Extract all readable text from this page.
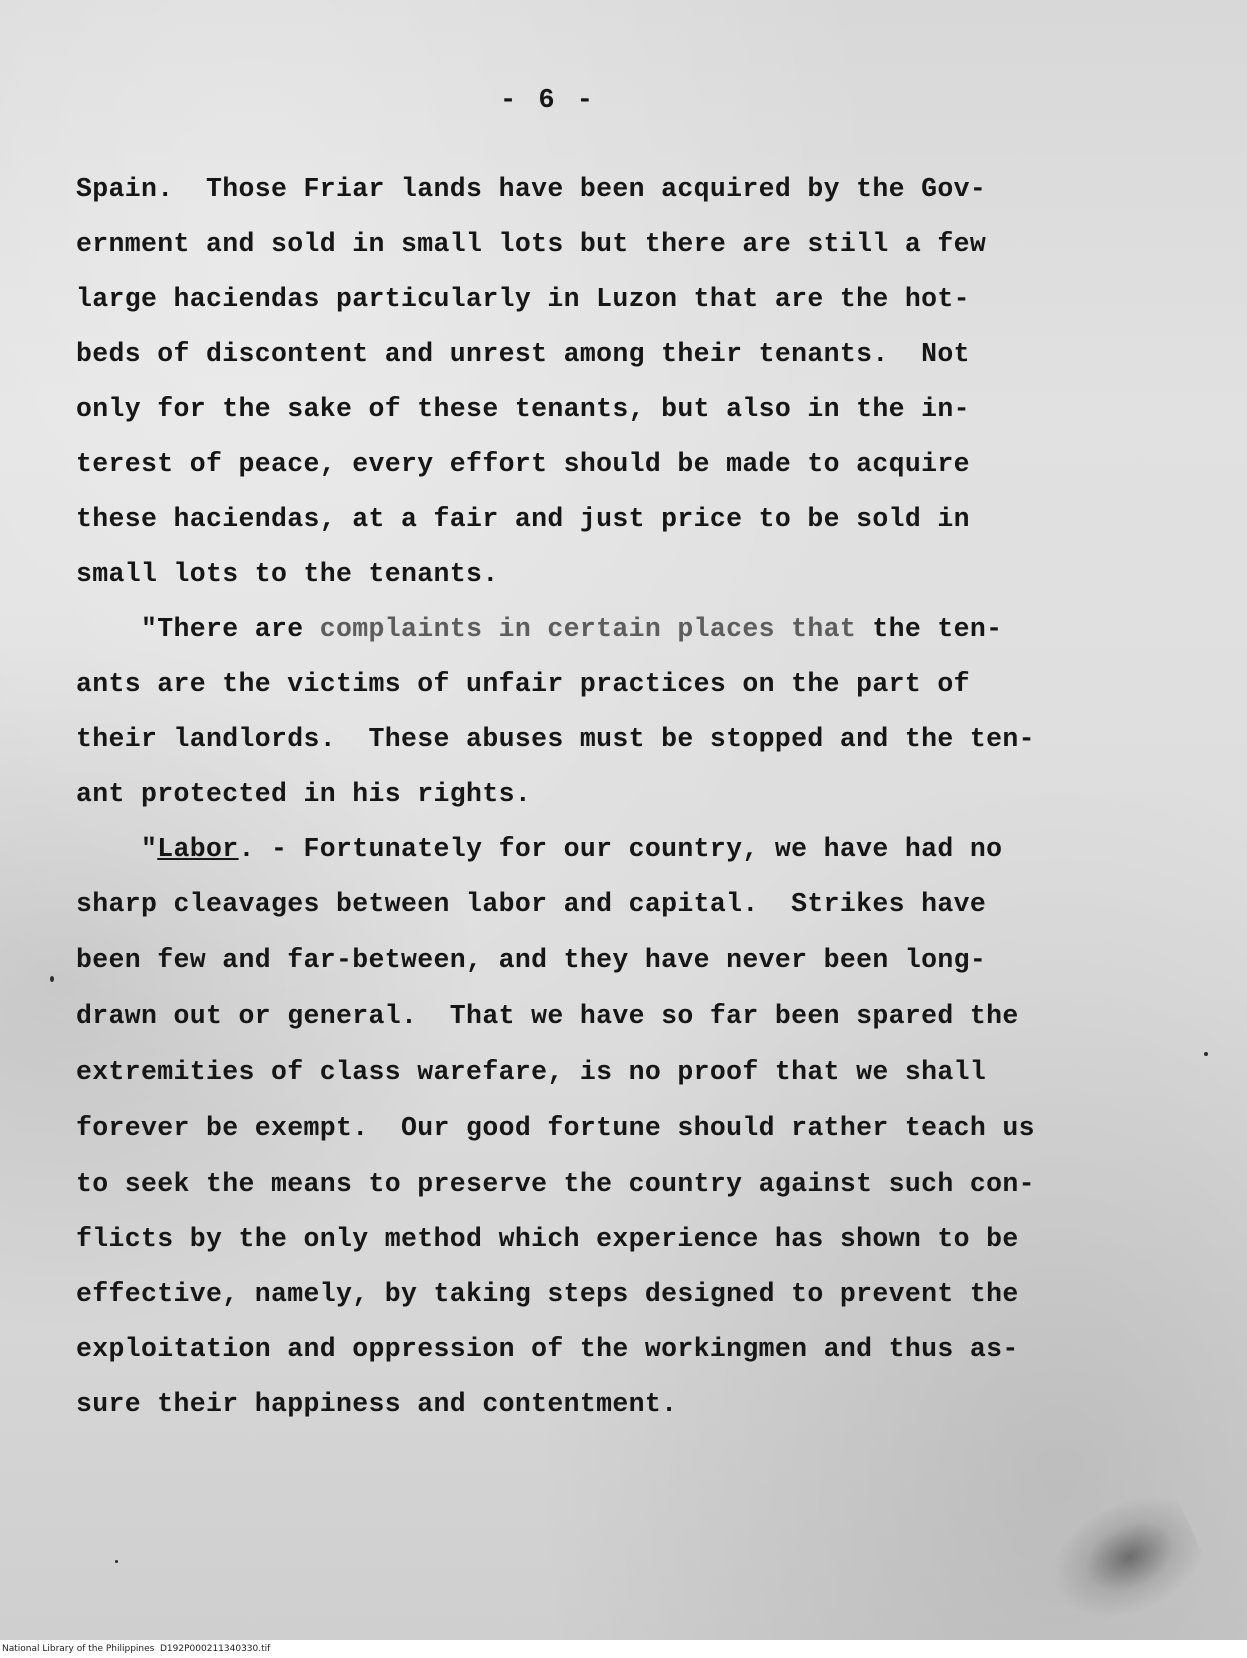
- 6 -

Spain.  Those Friar lands have been acquired by the Gov-

ernment and sold in small lots but there are still a few

large haciendas particularly in Luzon that are the hot-

beds of discontent and unrest among their tenants.  Not

only for the sake of these tenants, but also in the in-

terest of peace, every effort should be made to acquire

these haciendas, at a fair and just price to be sold in

small lots to the tenants.

"There are complaints in certain places that the ten-

ants are the victims of unfair practices on the part of

their landlords.  These abuses must be stopped and the ten-

ant protected in his rights.

"Labor. - Fortunately for our country, we have had no

sharp cleavages between labor and capital.  Strikes have

been few and far-between, and they have never been long-

drawn out or general.  That we have so far been spared the

extremities of class warefare, is no proof that we shall

forever be exempt.  Our good fortune should rather teach us

to seek the means to preserve the country against such con-

flicts by the only method which experience has shown to be

effective, namely, by taking steps designed to prevent the

exploitation and oppression of the workingmen and thus as-

sure their happiness and contentment.

National Library of the Philippines D192P000211340330.tif
